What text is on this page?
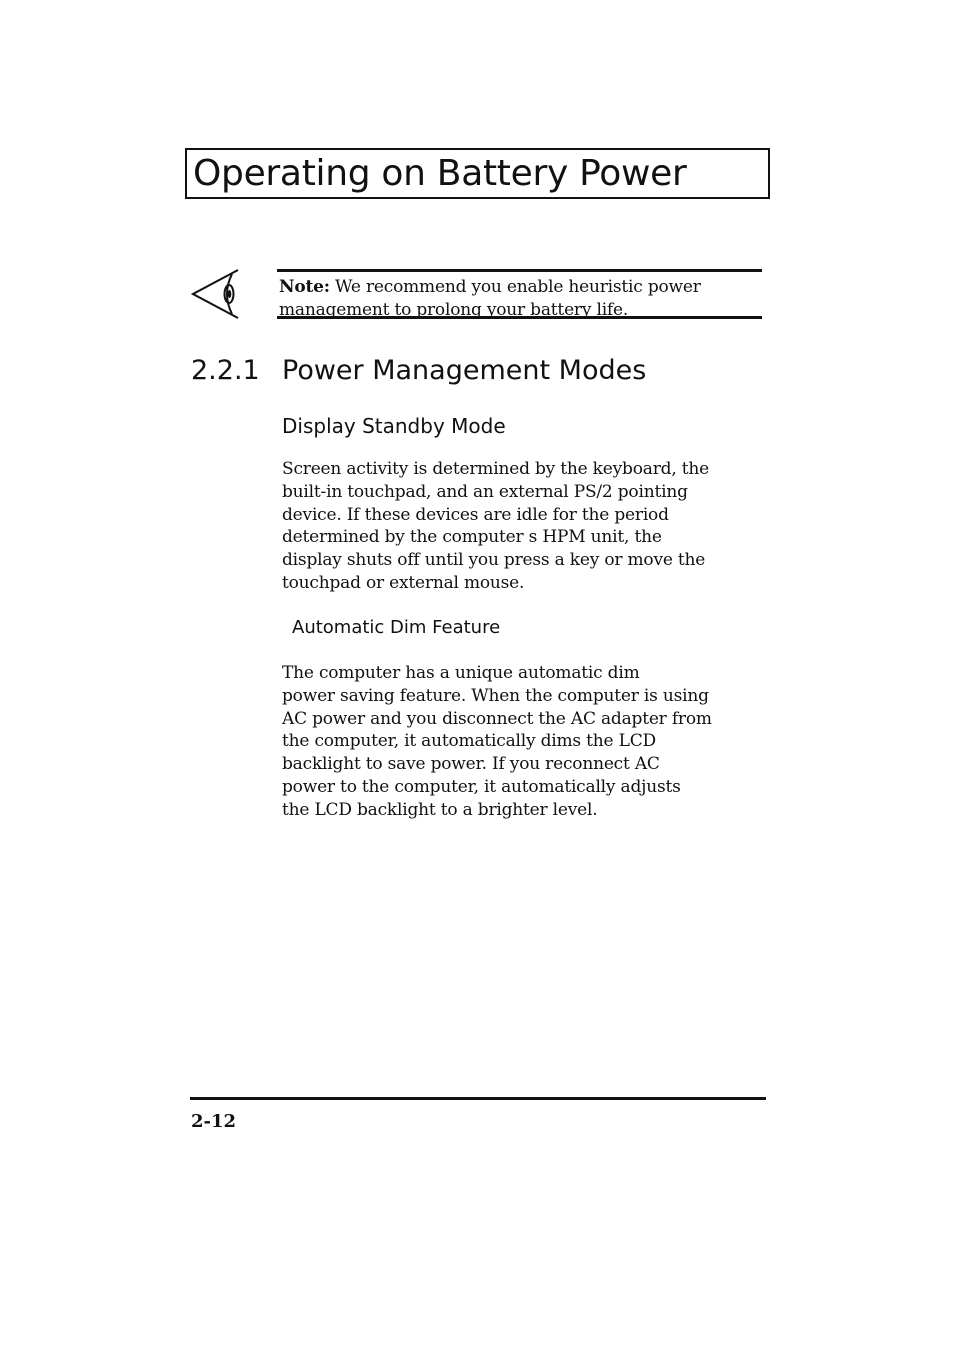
Operating on Battery Power
Note: We recommend you enable heuristic power management to prolong your battery life.
2.2.1 Power Management Modes
Display Standby Mode

Screen activity is determined by the keyboard, the
built-in touchpad, and an external PS/2 pointing
device. If these devices are idle for the period
determined by the computer s HPM unit, the
display shuts off until you press a key or move the
touchpad or external mouse.

Automatic Dim Feature

The computer has a unique automatic dim
power saving feature. When the computer is using
AC power and you disconnect the AC adapter from
the computer, it automatically dims the LCD
backlight to save power. If you reconnect AC
power to the computer, it automatically adjusts
the LCD backlight to a brighter level.

2-12
